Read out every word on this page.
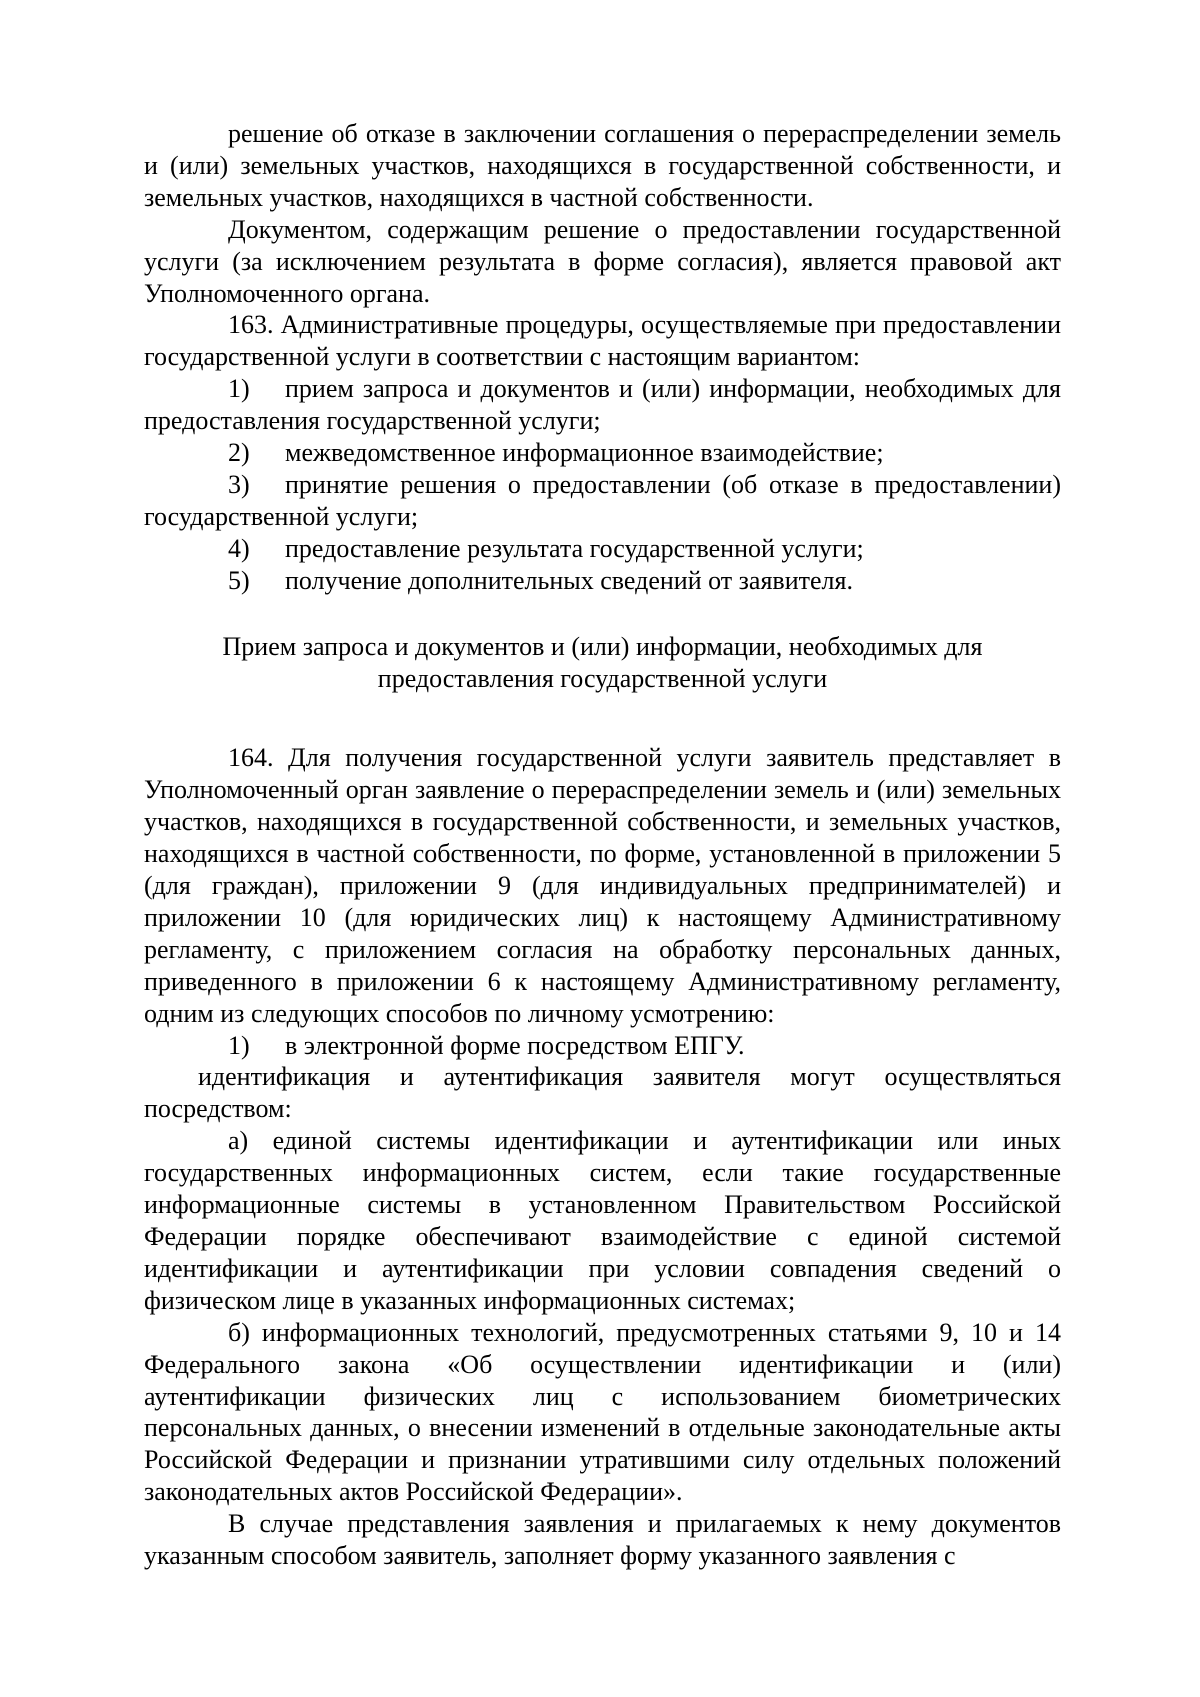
решение об отказе в заключении соглашения о перераспределении земель и (или) земельных участков, находящихся в государственной собственности, и земельных участков, находящихся в частной собственности.

Документом, содержащим решение о предоставлении государственной услуги (за исключением результата в форме согласия), является правовой акт Уполномоченного органа.

163. Административные процедуры, осуществляемые при предоставлении государственной услуги в соответствии с настоящим вариантом:

1) прием запроса и документов и (или) информации, необходимых для предоставления государственной услуги;

2) межведомственное информационное взаимодействие;

3) принятие решения о предоставлении (об отказе в предоставлении) государственной услуги;

4) предоставление результата государственной услуги;

5) получение дополнительных сведений от заявителя.

Прием запроса и документов и (или) информации, необходимых для
предоставления государственной услуги

164. Для получения государственной услуги заявитель представляет в Уполномоченный орган заявление о перераспределении земель и (или) земельных участков, находящихся в государственной собственности, и земельных участков, находящихся в частной собственности, по форме, установленной в приложении 5 (для граждан), приложении 9 (для индивидуальных предпринимателей) и приложении 10 (для юридических лиц) к настоящему Административному регламенту, с приложением согласия на обработку персональных данных, приведенного в приложении 6 к настоящему Административному регламенту, одним из следующих способов по личному усмотрению:

1) в электронной форме посредством ЕПГУ.

идентификация и аутентификация заявителя могут осуществляться посредством:

а) единой системы идентификации и аутентификации или иных государственных информационных систем, если такие государственные информационные системы в установленном Правительством Российской Федерации порядке обеспечивают взаимодействие с единой системой идентификации и аутентификации при условии совпадения сведений о физическом лице в указанных информационных системах;

б) информационных технологий, предусмотренных статьями 9, 10 и 14 Федерального закона «Об осуществлении идентификации и (или) аутентификации физических лиц с использованием биометрических персональных данных, о внесении изменений в отдельные законодательные акты Российской Федерации и признании утратившими силу отдельных положений законодательных актов Российской Федерации».

В случае представления заявления и прилагаемых к нему документов указанным способом заявитель, заполняет форму указанного заявления с
